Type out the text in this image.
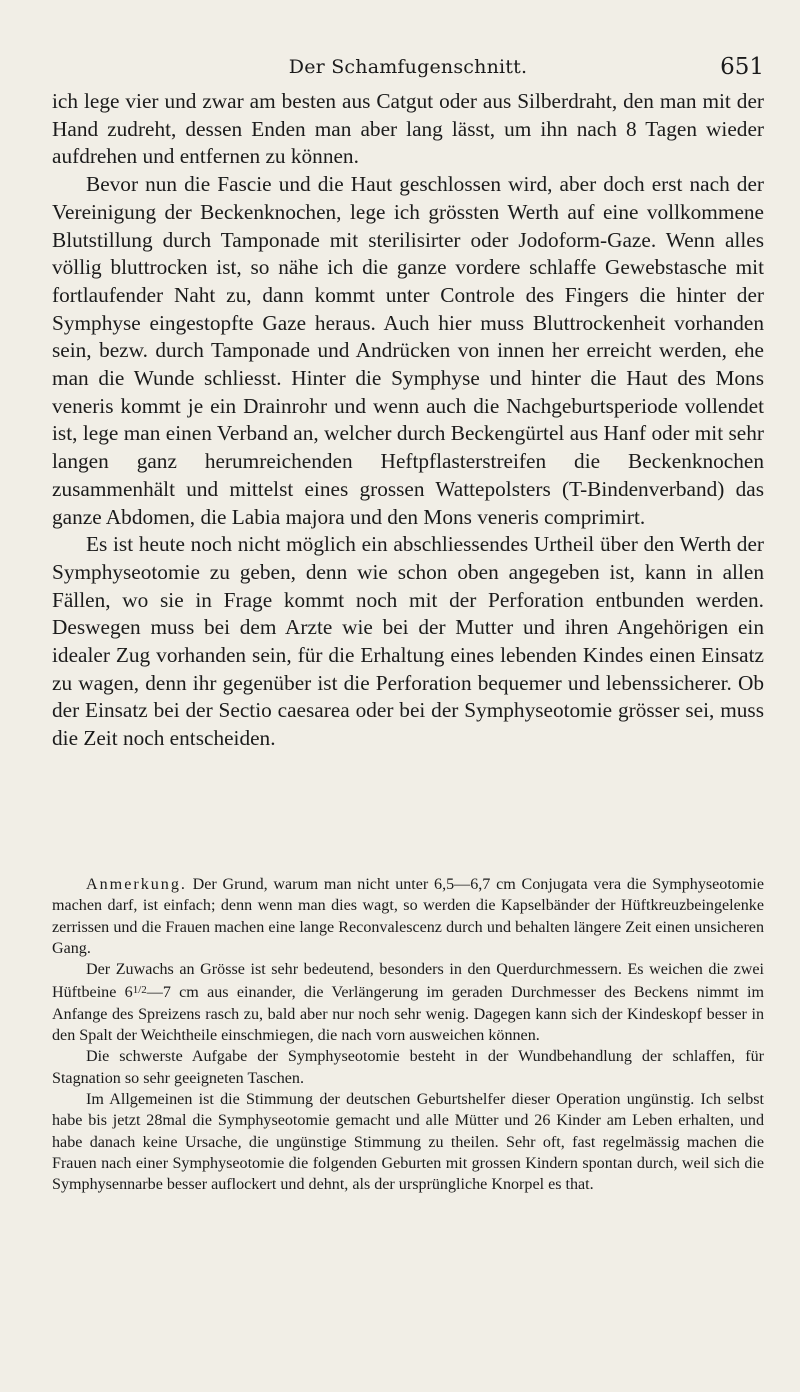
Der Schamfugenschnitt.	651

ich lege vier und zwar am besten aus Catgut oder aus Silberdraht, den man mit der Hand zudreht, dessen Enden man aber lang lässt, um ihn nach 8 Tagen wieder aufdrehen und entfernen zu können.

Bevor nun die Fascie und die Haut geschlossen wird, aber doch erst nach der Vereinigung der Beckenknochen, lege ich grössten Werth auf eine vollkommene Blutstillung durch Tamponade mit sterilisirter oder Jodoform-Gaze. Wenn alles völlig bluttrocken ist, so nähe ich die ganze vordere schlaffe Gewebstasche mit fortlaufender Naht zu, dann kommt unter Controle des Fingers die hinter der Symphyse eingestopfte Gaze heraus. Auch hier muss Bluttrockenheit vorhanden sein, bezw. durch Tamponade und Andrücken von innen her erreicht werden, ehe man die Wunde schliesst. Hinter die Symphyse und hinter die Haut des Mons veneris kommt je ein Drainrohr und wenn auch die Nachgeburtsperiode vollendet ist, lege man einen Verband an, welcher durch Beckengürtel aus Hanf oder mit sehr langen ganz herumreichenden Heftpflasterstreifen die Beckenknochen zusammenhält und mittelst eines grossen Wattepolsters (T-Bindenverband) das ganze Abdomen, die Labia majora und den Mons veneris comprimirt.

Es ist heute noch nicht möglich ein abschliessendes Urtheil über den Werth der Symphyseotomie zu geben, denn wie schon oben angegeben ist, kann in allen Fällen, wo sie in Frage kommt noch mit der Perforation entbunden werden. Deswegen muss bei dem Arzte wie bei der Mutter und ihren Angehörigen ein idealer Zug vorhanden sein, für die Erhaltung eines lebenden Kindes einen Einsatz zu wagen, denn ihr gegenüber ist die Perforation bequemer und lebenssicherer. Ob der Einsatz bei der Sectio caesarea oder bei der Symphyseotomie grösser sei, muss die Zeit noch entscheiden.

Anmerkung. Der Grund, warum man nicht unter 6,5—6,7 cm Conjugata vera die Symphyseotomie machen darf, ist einfach; denn wenn man dies wagt, so werden die Kapselbänder der Hüftkreuzbeingelenke zerrissen und die Frauen machen eine lange Reconvalescenz durch und behalten längere Zeit einen unsicheren Gang.

Der Zuwachs an Grösse ist sehr bedeutend, besonders in den Querdurchmessern. Es weichen die zwei Hüftbeine $6^{1/2}—7$ cm aus einander, die Verlängerung im geraden Durchmesser des Beckens nimmt im Anfange des Spreizens rasch zu, bald aber nur noch sehr wenig. Dagegen kann sich der Kindeskopf besser in den Spalt der Weichtheile einschmiegen, die nach vorn ausweichen können.

Die schwerste Aufgabe der Symphyseotomie besteht in der Wundbehandlung der schlaffen, für Stagnation so sehr geeigneten Taschen.

Im Allgemeinen ist die Stimmung der deutschen Geburtshelfer dieser Operation ungünstig. Ich selbst habe bis jetzt 28mal die Symphyseotomie gemacht und alle Mütter und 26 Kinder am Leben erhalten, und habe danach keine Ursache, die ungünstige Stimmung zu theilen. Sehr oft, fast regelmässig machen die Frauen nach einer Symphyseotomie die folgenden Geburten mit grossen Kindern spontan durch, weil sich die Symphysennarbe besser auflockert und dehnt, als der ursprüngliche Knorpel es that.
